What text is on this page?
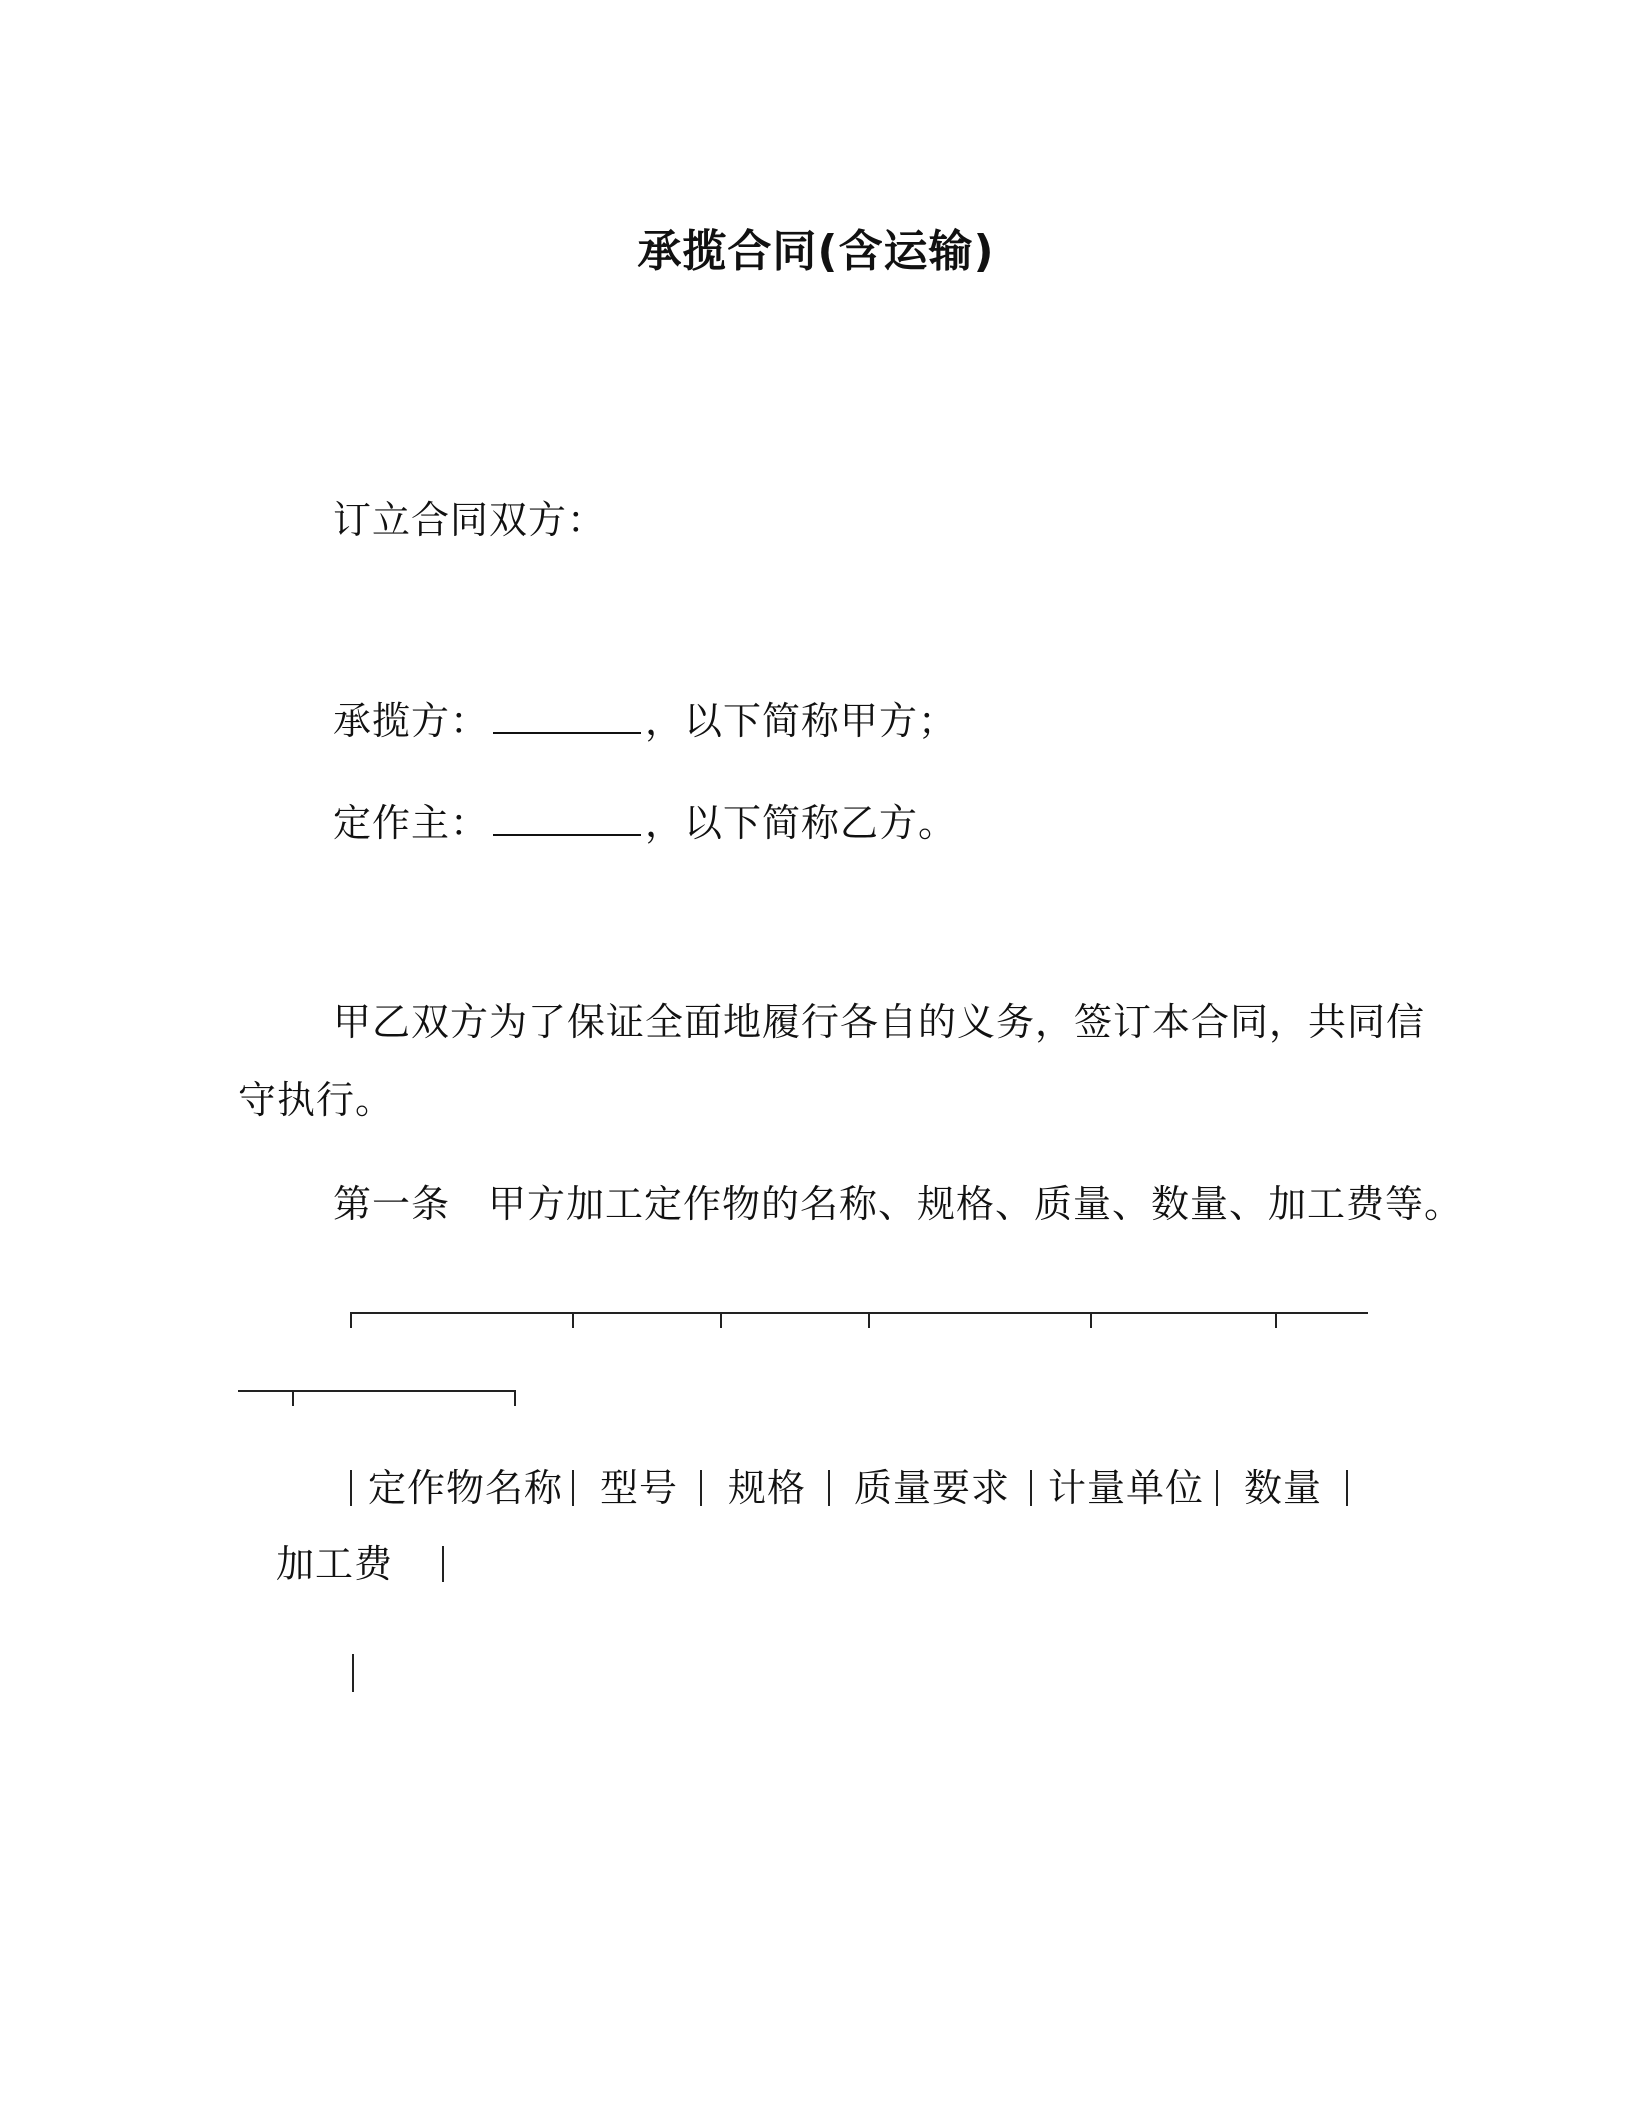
承揽合同(含运输)
订立合同双方：
承揽方：	，以下简称甲方；
定作主：	，以下简称乙方。
甲乙双方为了保证全面地履行各自的义务，签订本合同，共同信
守执行。
第一条 甲方加工定作物的名称、规格、质量、数量、加工费等。
定作物名称 型号 规格 质量要求 计量单位 数量
加工费
